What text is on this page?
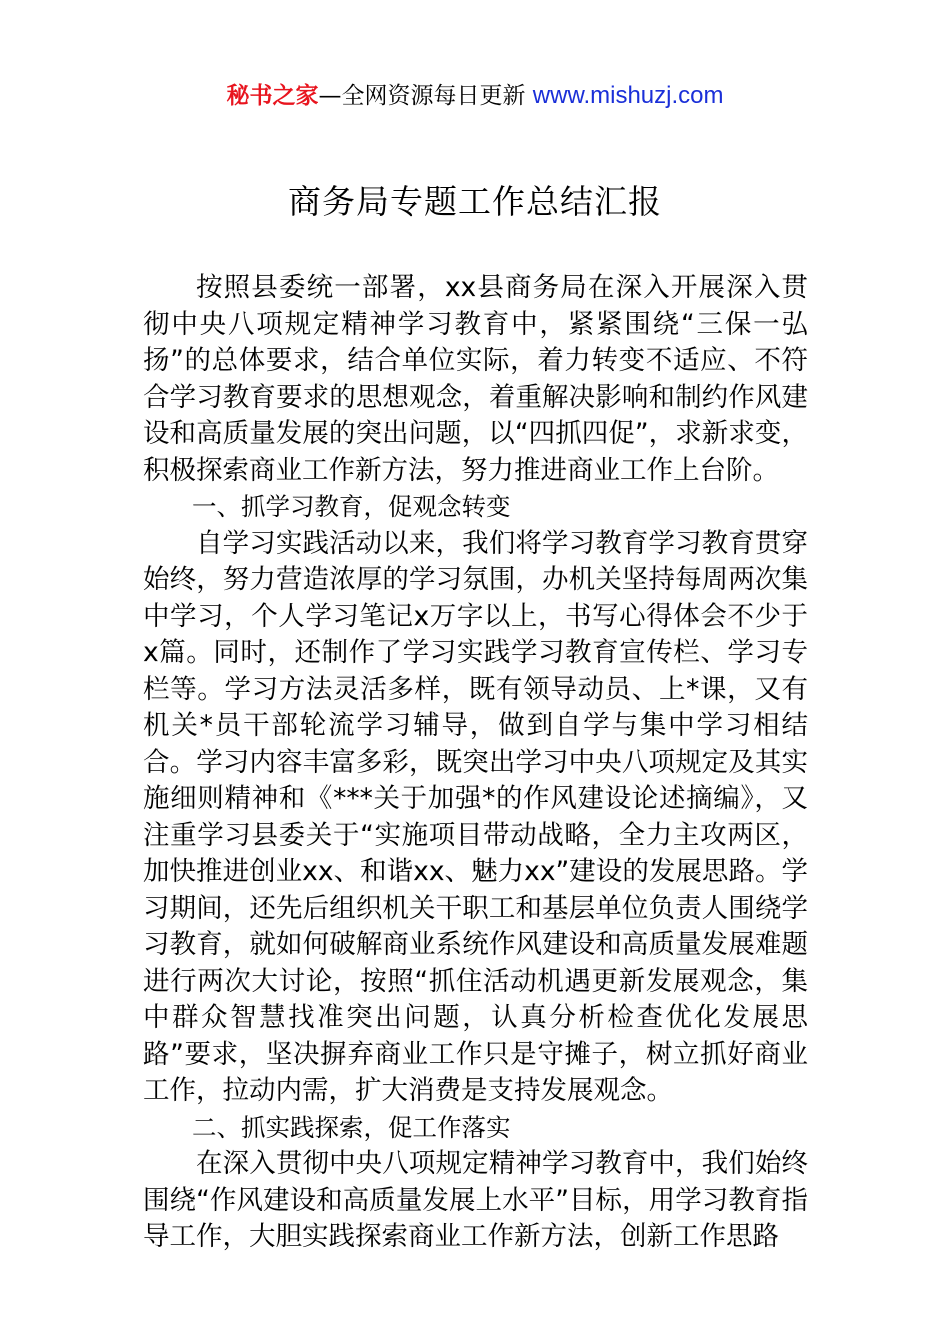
秘书之家—全网资源每日更新 www.mishuzj.com
商务局专题工作总结汇报

按照县委统一部署，xx县商务局在深入开展深入贯彻中央八项规定精神学习教育中，紧紧围绕“三保一弘扬”的总体要求，结合单位实际，着力转变不适应、不符合学习教育要求的思想观念，着重解决影响和制约作风建设和高质量发展的突出问题，以“四抓四促”，求新求变，积极探索商业工作新方法，努力推进商业工作上台阶。

一、抓学习教育，促观念转变

自学习实践活动以来，我们将学习教育学习教育贯穿始终，努力营造浓厚的学习氛围，办机关坚持每周两次集中学习，个人学习笔记x万字以上，书写心得体会不少于x篇。同时，还制作了学习实践学习教育宣传栏、学习专栏等。学习方法灵活多样，既有领导动员、上*课，又有机关*员干部轮流学习辅导，做到自学与集中学习相结合。学习内容丰富多彩，既突出学习中央八项规定及其实施细则精神和《***关于加强*的作风建设论述摘编》，又注重学习县委关于“实施项目带动战略，全力主攻两区，加快推进创业xx、和谐xx、魅力xx”建设的发展思路。学习期间，还先后组织机关干职工和基层单位负责人围绕学习教育，就如何破解商业系统作风建设和高质量发展难题进行两次大讨论，按照“抓住活动机遇更新发展观念，集中群众智慧找准突出问题，认真分析检查优化发展思路”要求，坚决摒弃商业工作只是守摊子，树立抓好商业工作，拉动内需，扩大消费是支持发展观念。

二、抓实践探索，促工作落实

在深入贯彻中央八项规定精神学习教育中，我们始终围绕“作风建设和高质量发展上水平”目标，用学习教育指导工作，大胆实践探索商业工作新方法，创新工作思路
